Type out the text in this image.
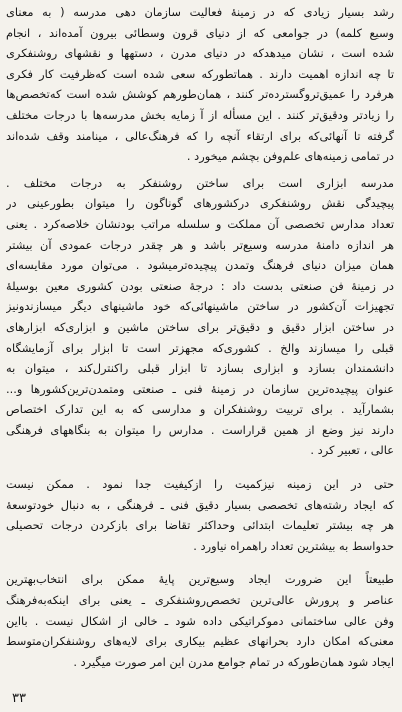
رشد بسیار زیادی که در زمینهٔ فعالیت سازمان دهی مدرسه ( به معنای
وسیع کلمه) در جوامعی که از دنیای قرون وسطائی بیرون آمده‌اند ، انجام
شده است ، نشان میدهدکه در دنیای مدرن ، دستهها و نقشهای روشنفکری
تا چه اندازه اهمیت دارند . هماتطورکه سعی شده است که‌ظرفیت کار فکری
هرفرد را عمیق‌تروگسترده‌تر کنند ، همان‌طورهم کوشش شده است که‌تخصص‌ها
را زیادتر ودقیق‌تر کنند . این مسأله از آ زمایه‌ بخش مدرسه‌ها با درجات مختلف
گرفته تا آنهائی‌که برای ارتقاء آنچه‌ را که فرهنگ‌عالی ، مینامند وقف شده‌اند
در تمامی زمینه‌های علم‌وفن بچشم میخورد .
مدرسه ابزاری است برای ساختن روشنفکر به درجات مختلف .
پیچیدگی نقش روشنفکری درکشورهای گوناگون را میتوان بطورعینی در
تعداد مدارس تخصصی آن مملکت و سلسله مراتب بودنشان خلاصه‌کرد . یعنی
هر اندازه دامنهٔ مدرسه وسیع‌تر باشد و هر چقدر درجات عمودی آن بیشتر
همان میزان دنیای فرهنگ وتمدن پیچیده‌ترمیشود . می‌توان مورد مقایسه‌ای
در زمینهٔ فن صنعتی بدست داد : درجهٔ صنعتی بودن کشوری معین بوسیلهٔ
تجهیزات آن‌کشور در ساختن ماشینهائی‌که خود ماشینهای دیگر میسازندونیز
در ساختن ابزار دقیق و دقیق‌تر برای ساختن ماشین و ابزاری‌که ابزارهای
قبلی را میسازند والخ . کشوری‌که مجهزتر است تا ابزار برای آزمایشگاه
دانشمندان بسازد و ابزاری بسازد تا ابزار قبلی راکنترل‌کند ، میتوان به
عنوان پیچیده‌ترین سازمان در زمینهٔ فنی ـ صنعتی ومتمدن‌ترین‌کشورها و...
بشمارآید . برای تربیت روشنفکران و مدارسی که به این تدارک اختصاص
دارند نیز وضع از همین قراراست . مدارس را میتوان به بنگاههای فرهنگی
عالی ، تعبیر کرد .
حتی در این زمینه نیزکمیت را ازکیفیت جدا نمود . ممکن نیست
که ایجاد رشته‌های تخصصی بسیار دقیق فنی ـ فرهنگی ، به دنبال خودتوسعهٔ
هر چه بیشتر تعلیمات ابتدائی وحداکثر تقاضا برای بازکردن درجات تحصیلی
حدواسط به بیشترین تعداد راهمراه نیاورد .
طبیعتاً این ضرورت ایجاد وسیع‌ترین پایهٔ ممکن برای انتخاب‌بهترین
عناصر و پرورش عالی‌ترین تخصص‌روشنفکری ـ یعنی برای اینکه‌به‌فرهنگ
وفن عالی ساختمانی دموکراتیکی داده شود ـ خالی از اشکال نیست . بااین
معنی‌که امکان دارد بحرانهای عظیم بیکاری برای لایه‌های روشنفکران‌متوسط
ایجاد شود همان‌طورکه در تمام جوامع مدرن این امر صورت میگیرد .
۳۳
